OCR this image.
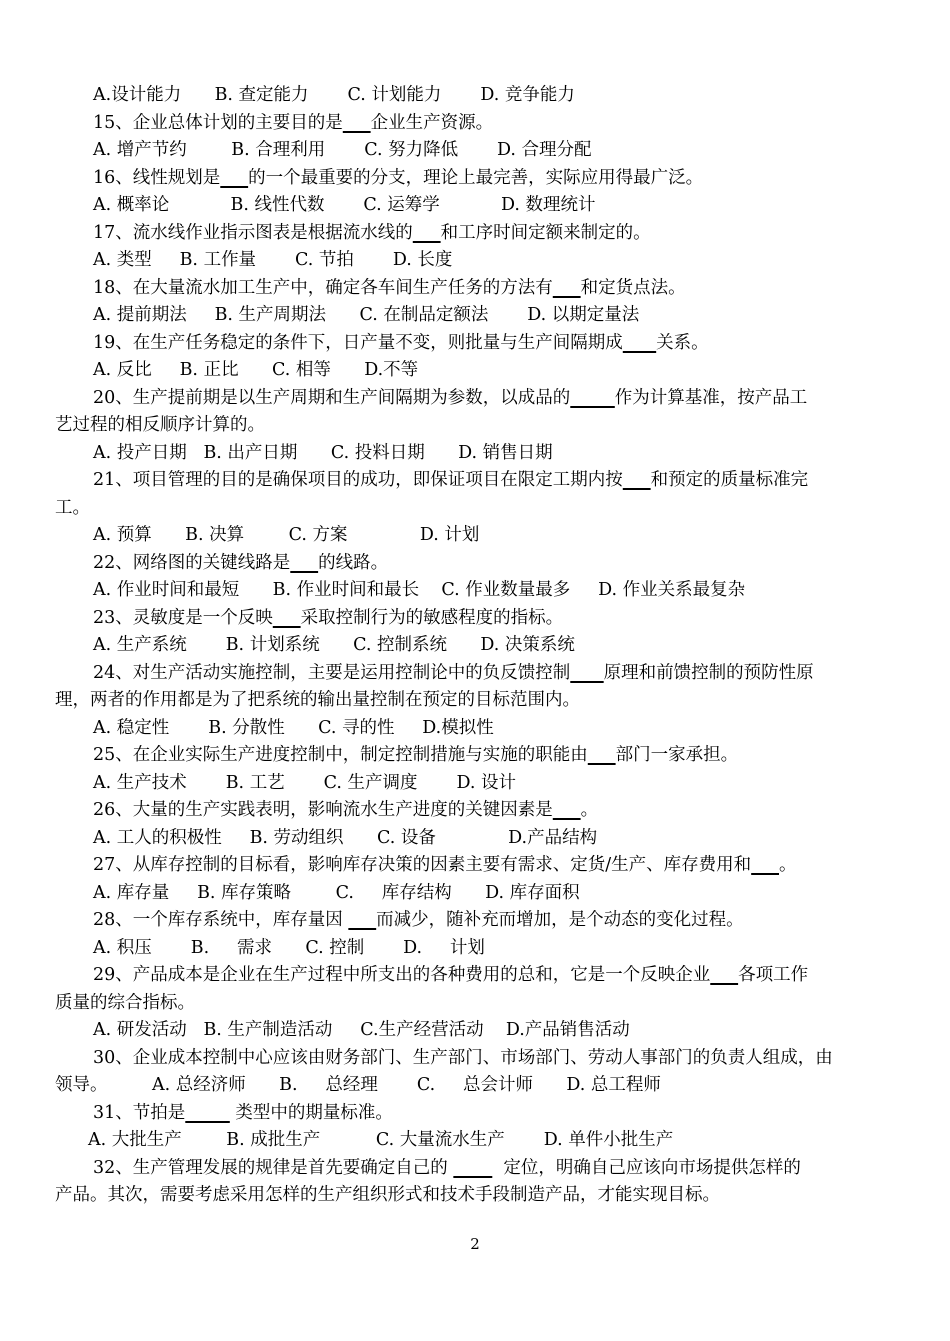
A.设计能力      B. 查定能力       C. 计划能力       D. 竞争能力
15、企业总体计划的主要目的是 企业生产资源。
A. 增产节约        B. 合理利用       C. 努力降低       D. 合理分配
16、线性规划是 的一个最重要的分支，理论上最完善，实际应用得最广泛。
A. 概率论           B. 线性代数       C. 运筹学           D. 数理统计
17、流水线作业指示图表是根据流水线的 和工序时间定额来制定的。
A. 类型     B. 工作量       C. 节拍       D. 长度
18、在大量流水加工生产中，确定各车间生产任务的方法有 和定货点法。
A. 提前期法     B. 生产周期法      C. 在制品定额法       D. 以期定量法
19、在生产任务稳定的条件下，日产量不变，则批量与生产间隔期成 关系。
A. 反比     B. 正比      C. 相等      D.不等
20、生产提前期是以生产周期和生产间隔期为参数，以成品的	作为计算基准，按产品工
艺过程的相反顺序计算的。
A. 投产日期   B. 出产日期      C. 投料日期      D. 销售日期
21、项目管理的目的是确保项目的成功，即保证项目在限定工期内按 和预定的质量标准完
工。
A. 预算      B. 决算        C. 方案             D. 计划
22、网络图的关键线路是 的线路。
A. 作业时间和最短      B. 作业时间和最长    C. 作业数量最多     D. 作业关系最复杂
23、灵敏度是一个反映 采取控制行为的敏感程度的指标。
A. 生产系统       B. 计划系统      C. 控制系统      D. 决策系统
24、对生产活动实施控制，主要是运用控制论中的负反馈控制 原理和前馈控制的预防性原
理，两者的作用都是为了把系统的输出量控制在预定的目标范围内。
A. 稳定性       B. 分散性      C. 寻的性     D.模拟性
25、在企业实际生产进度控制中，制定控制措施与实施的职能由 部门一家承担。
A. 生产技术       B. 工艺       C. 生产调度       D. 设计
26、大量的生产实践表明，影响流水生产进度的关键因素是 。
A. 工人的积极性     B. 劳动组织      C. 设备             D.产品结构
27、从库存控制的目标看，影响库存决策的因素主要有需求、定货/生产、库存费用和 。
A. 库存量     B. 库存策略        C.     库存结构      D. 库存面积
28、一个库存系统中，库存量因      而减少，随补充而增加，是个动态的变化过程。
A. 积压       B.     需求      C. 控制       D.     计划
29、产品成本是企业在生产过程中所支出的各种费用的总和，它是一个反映企业 各项工作
质量的综合指标。
A. 研发活动   B. 生产制造活动     C.生产经营活动    D.产品销售活动
30、企业成本控制中心应该由财务部门、生产部门、市场部门、劳动人事部门的负责人组成，由
领导。        A. 总经济师      B.     总经理       C.     总会计师      D. 总工程师
31、节拍是	类型中的期量标准。
A. 大批生产        B. 成批生产          C. 大量流水生产       D. 单件小批生产
32、生产管理发展的规律是首先要确定自己的          定位，明确自己应该向市场提供怎样的
产品。其次，需要考虑采用怎样的生产组织形式和技术手段制造产品，才能实现目标。
2
